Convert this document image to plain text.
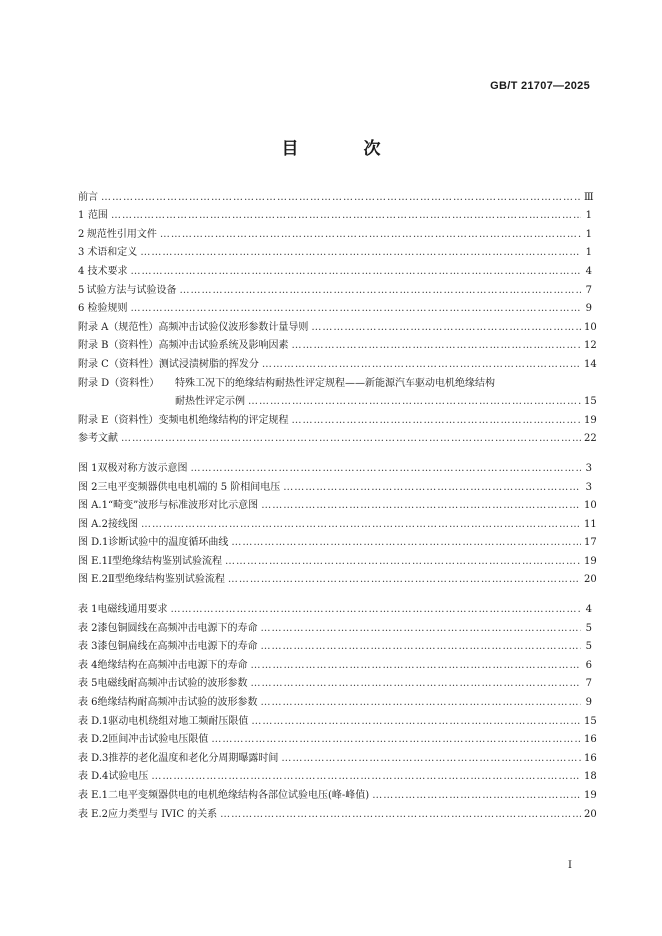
GB/T 21707—2025
目　次
前言 ……………………………………………………………………………………………………………………………………………………………………………………………………………………………………	Ⅲ
1 范围 ……………………………………………………………………………………………………………………………………………………………………………………………………………………………………	1
2 规范性引用文件 ……………………………………………………………………………………………………………………………………………………………………………………………………………………………………	1
3 术语和定义 ……………………………………………………………………………………………………………………………………………………………………………………………………………………………………	1
4 技术要求 ……………………………………………………………………………………………………………………………………………………………………………………………………………………………………	4
5 试验方法与试验设备 ……………………………………………………………………………………………………………………………………………………………………………………………………………………………………	7
6 检验规则 ……………………………………………………………………………………………………………………………………………………………………………………………………………………………………	9
附录 A（规范性） 高频冲击试验仪波形参数计量导则 ……………………………………………………………………………………………………………………………………………………………………………………………………………………………………	10
附录 B（资料性） 高频冲击试验系统及影响因素 ……………………………………………………………………………………………………………………………………………………………………………………………………………………………………	12
附录 C（资料性） 测试浸渍树脂的挥发分 ……………………………………………………………………………………………………………………………………………………………………………………………………………………………………	14
附录 D（资料性）	特殊工况下的绝缘结构耐热性评定规程——新能源汽车驱动电机绝缘结构
耐热性评定示例 ……………………………………………………………………………………………………………………………………………………………………………………………………………………………………	15
附录 E（资料性） 变频电机绝缘结构的评定规程 ……………………………………………………………………………………………………………………………………………………………………………………………………………………………………	19
参考文献 ……………………………………………………………………………………………………………………………………………………………………………………………………………………………………	22
图 1 双极对称方波示意图 ……………………………………………………………………………………………………………………………………………………………………………………………………………………………………	3
图 2 三电平变频器供电电机端的 5 阶相间电压 ……………………………………………………………………………………………………………………………………………………………………………………………………………………………………	3
图 A.1 “畸变”波形与标准波形对比示意图 ……………………………………………………………………………………………………………………………………………………………………………………………………………………………………	10
图 A.2 接线图 ……………………………………………………………………………………………………………………………………………………………………………………………………………………………………	11
图 D.1 诊断试验中的温度循环曲线 ……………………………………………………………………………………………………………………………………………………………………………………………………………………………………	17
图 E.1 Ⅰ型绝缘结构鉴别试验流程 ……………………………………………………………………………………………………………………………………………………………………………………………………………………………………	19
图 E.2 Ⅱ型绝缘结构鉴别试验流程 ……………………………………………………………………………………………………………………………………………………………………………………………………………………………………	20
表 1 电磁线通用要求 ……………………………………………………………………………………………………………………………………………………………………………………………………………………………………	4
表 2 漆包铜圆线在高频冲击电源下的寿命 ……………………………………………………………………………………………………………………………………………………………………………………………………………………………………	5
表 3 漆包铜扁线在高频冲击电源下的寿命 ……………………………………………………………………………………………………………………………………………………………………………………………………………………………………	5
表 4 绝缘结构在高频冲击电源下的寿命 ……………………………………………………………………………………………………………………………………………………………………………………………………………………………………	6
表 5 电磁线耐高频冲击试验的波形参数 ……………………………………………………………………………………………………………………………………………………………………………………………………………………………………	7
表 6 绝缘结构耐高频冲击试验的波形参数 ……………………………………………………………………………………………………………………………………………………………………………………………………………………………………	9
表 D.1 驱动电机绕组对地工频耐压限值 ……………………………………………………………………………………………………………………………………………………………………………………………………………………………………	15
表 D.2 匝间冲击试验电压限值 ……………………………………………………………………………………………………………………………………………………………………………………………………………………………………	16
表 D.3 推荐的老化温度和老化分周期曝露时间 ……………………………………………………………………………………………………………………………………………………………………………………………………………………………………	16
表 D.4 试验电压 ……………………………………………………………………………………………………………………………………………………………………………………………………………………………………	18
表 E.1 二电平变频器供电的电机绝缘结构各部位试验电压(峰-峰值) ……………………………………………………………………………………………………………………………………………………………………………………………………………………………………	19
表 E.2 应力类型与 IVIC 的关系 ……………………………………………………………………………………………………………………………………………………………………………………………………………………………………	20
I
